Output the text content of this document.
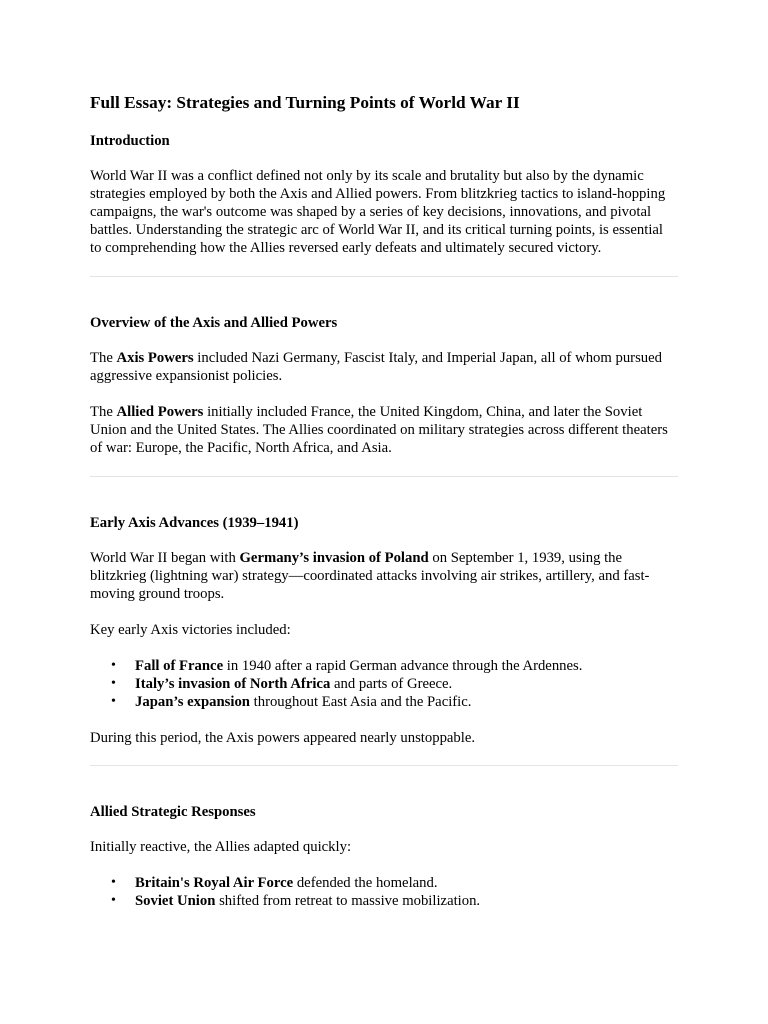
Full Essay: Strategies and Turning Points of World War II
Introduction

World War II was a conflict defined not only by its scale and brutality but also by the dynamic strategies employed by both the Axis and Allied powers. From blitzkrieg tactics to island-hopping campaigns, the war's outcome was shaped by a series of key decisions, innovations, and pivotal battles. Understanding the strategic arc of World War II, and its critical turning points, is essential to comprehending how the Allies reversed early defeats and ultimately secured victory.

Overview of the Axis and Allied Powers

The Axis Powers included Nazi Germany, Fascist Italy, and Imperial Japan, all of whom pursued aggressive expansionist policies.

The Allied Powers initially included France, the United Kingdom, China, and later the Soviet Union and the United States. The Allies coordinated on military strategies across different theaters of war: Europe, the Pacific, North Africa, and Asia.

Early Axis Advances (1939–1941)

World War II began with Germany’s invasion of Poland on September 1, 1939, using the blitzkrieg (lightning war) strategy—coordinated attacks involving air strikes, artillery, and fast-moving ground troops.

Key early Axis victories included:

• Fall of France in 1940 after a rapid German advance through the Ardennes.
• Italy’s invasion of North Africa and parts of Greece.
• Japan’s expansion throughout East Asia and the Pacific.

During this period, the Axis powers appeared nearly unstoppable.

Allied Strategic Responses

Initially reactive, the Allies adapted quickly:

• Britain's Royal Air Force defended the homeland.
• Soviet Union shifted from retreat to massive mobilization.
